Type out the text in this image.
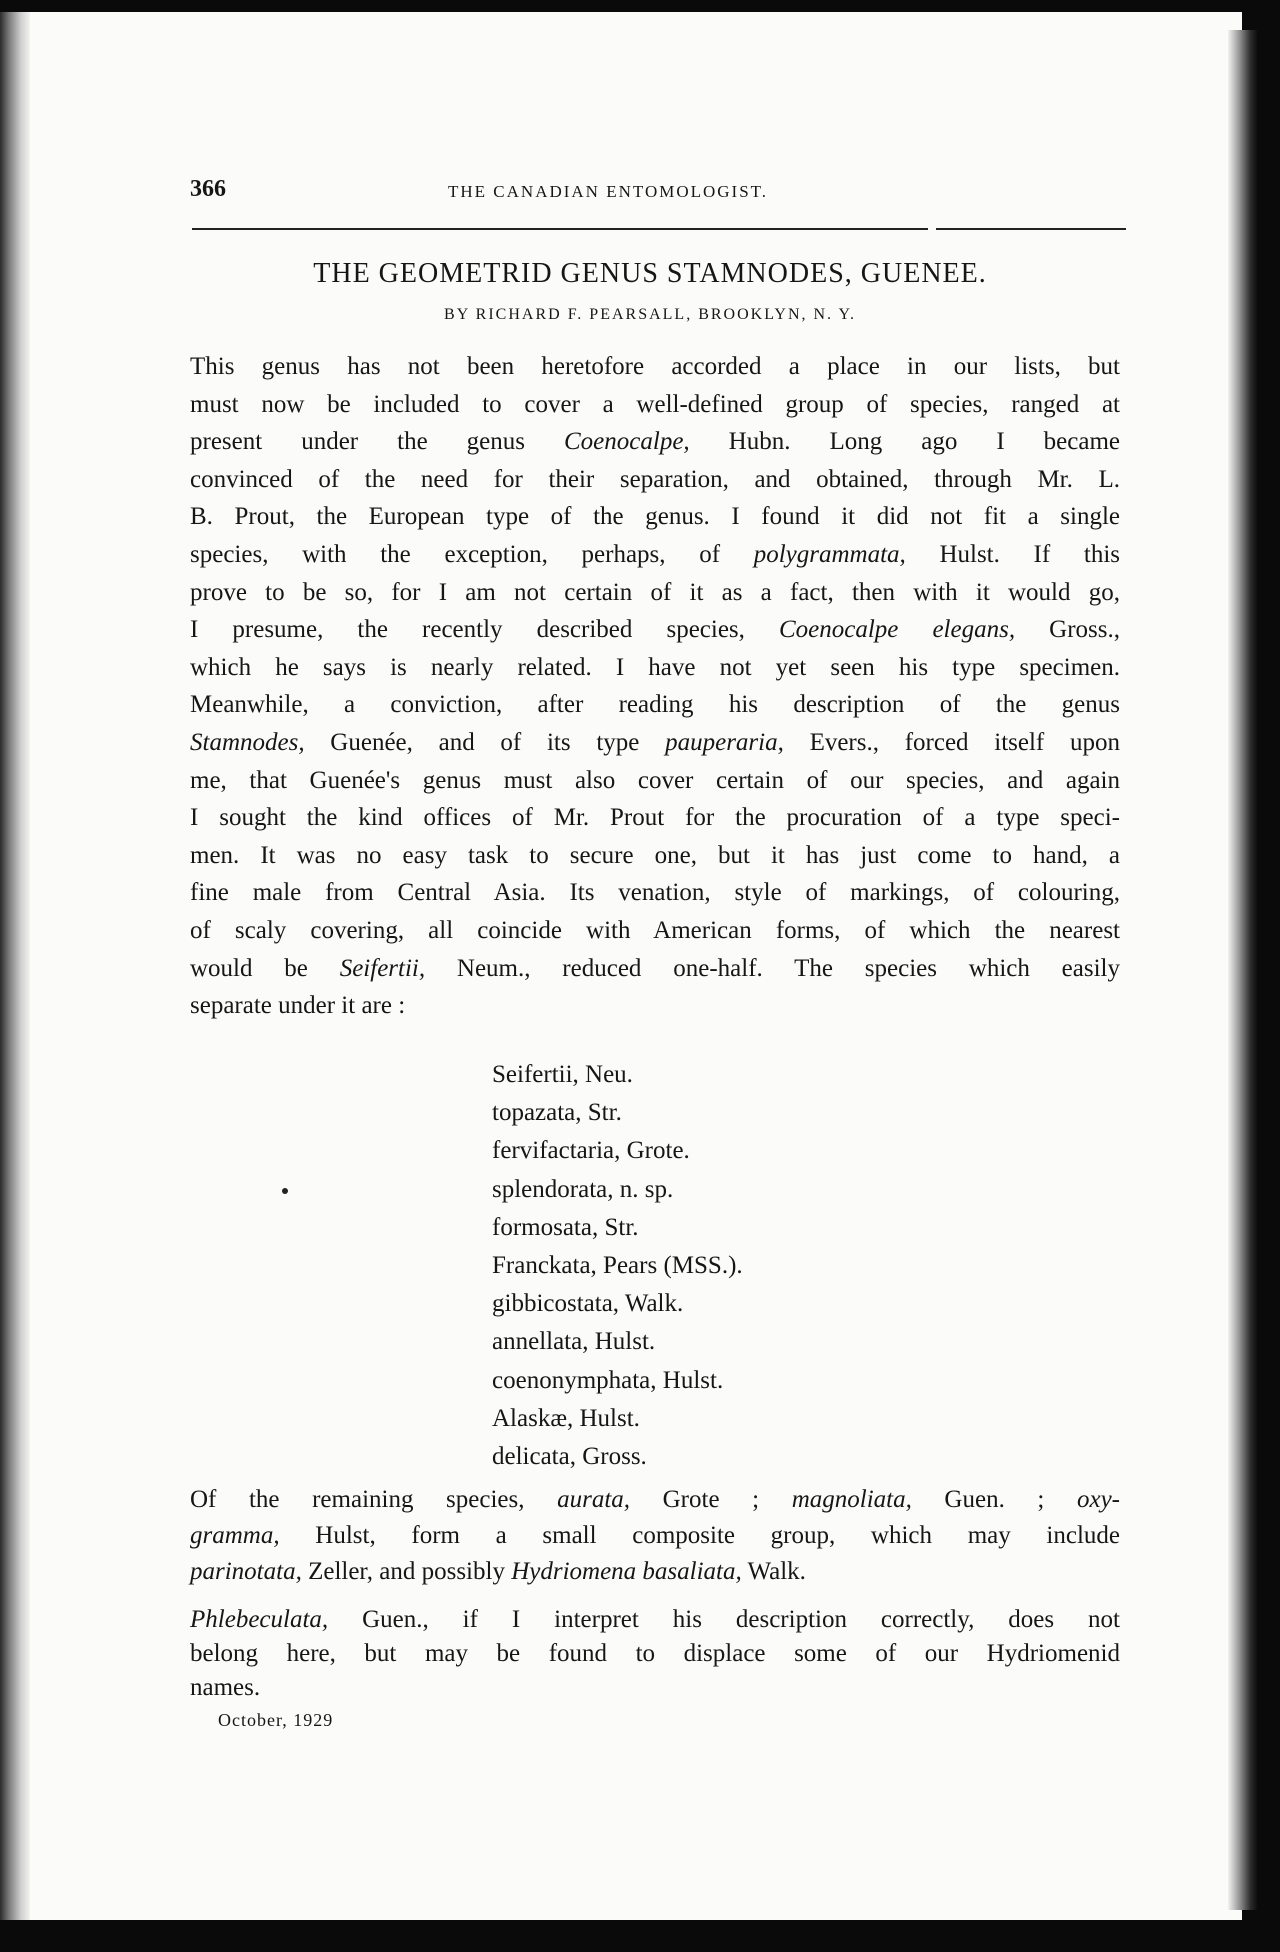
366	THE CANADIAN ENTOMOLOGIST.
THE GEOMETRID GENUS STAMNODES, GUENEE.
BY RICHARD F. PEARSALL, BROOKLYN, N. Y.
This genus has not been heretofore accorded a place in our lists, but
must now be included to cover a well-defined group of species, ranged at
present under the genus Coenocalpe, Hubn. Long ago I became
convinced of the need for their separation, and obtained, through Mr. L.
B. Prout, the European type of the genus. I found it did not fit a single
species, with the exception, perhaps, of polygrammata, Hulst. If this
prove to be so, for I am not certain of it as a fact, then with it would go,
I presume, the recently described species, Coenocalpe elegans, Gross.,
which he says is nearly related. I have not yet seen his type specimen.
Meanwhile, a conviction, after reading his description of the genus
Stamnodes, Guenée, and of its type pauperaria, Evers., forced itself upon
me, that Guenée's genus must also cover certain of our species, and again
I sought the kind offices of Mr. Prout for the procuration of a type speci-
men. It was no easy task to secure one, but it has just come to hand, a
fine male from Central Asia. Its venation, style of markings, of colouring,
of scaly covering, all coincide with American forms, of which the nearest
would be Seifertii, Neum., reduced one-half. The species which easily
separate under it are :
Seifertii, Neu.
topazata, Str.
fervifactaria, Grote.
splendorata, n. sp.
formosata, Str.
Franckata, Pears (MSS.).
gibbicostata, Walk.
annellata, Hulst.
coenonymphata, Hulst.
Alaskæ, Hulst.
delicata, Gross.
Of the remaining species, aurata, Grote ; magnoliata, Guen. ; oxy-
gramma, Hulst, form a small composite group, which may include
parinotata, Zeller, and possibly Hydriomena basaliata, Walk.
Phlebeculata, Guen., if I interpret his description correctly, does not
belong here, but may be found to displace some of our Hydriomenid
names.
October, 1929
